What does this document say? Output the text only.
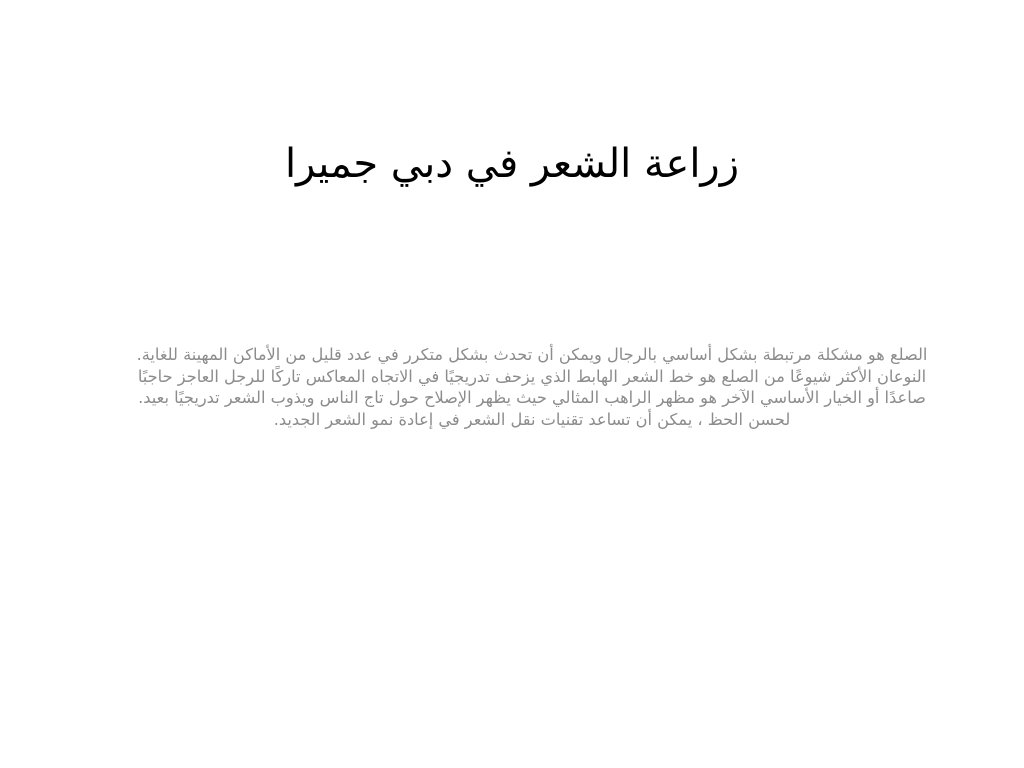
زراعة الشعر في دبي جميرا

الصلع هو مشكلة مرتبطة بشكل أساسي بالرجال ويمكن أن تحدث بشكل متكرر في عدد قليل من الأماكن المهينة للغاية. النوعان الأكثر شيوعًا من الصلع هو خط الشعر الهابط الذي يزحف تدريجيًا في الاتجاه المعاكس تاركًا للرجل العاجز حاجبًا صاعدًا أو الخيار الأساسي الآخر هو مظهر الراهب المثالي حيث يظهر الإصلاح حول تاج الناس ويذوب الشعر تدريجيًا بعيد. لحسن الحظ ، يمكن أن تساعد تقنيات نقل الشعر في إعادة نمو الشعر الجديد.
